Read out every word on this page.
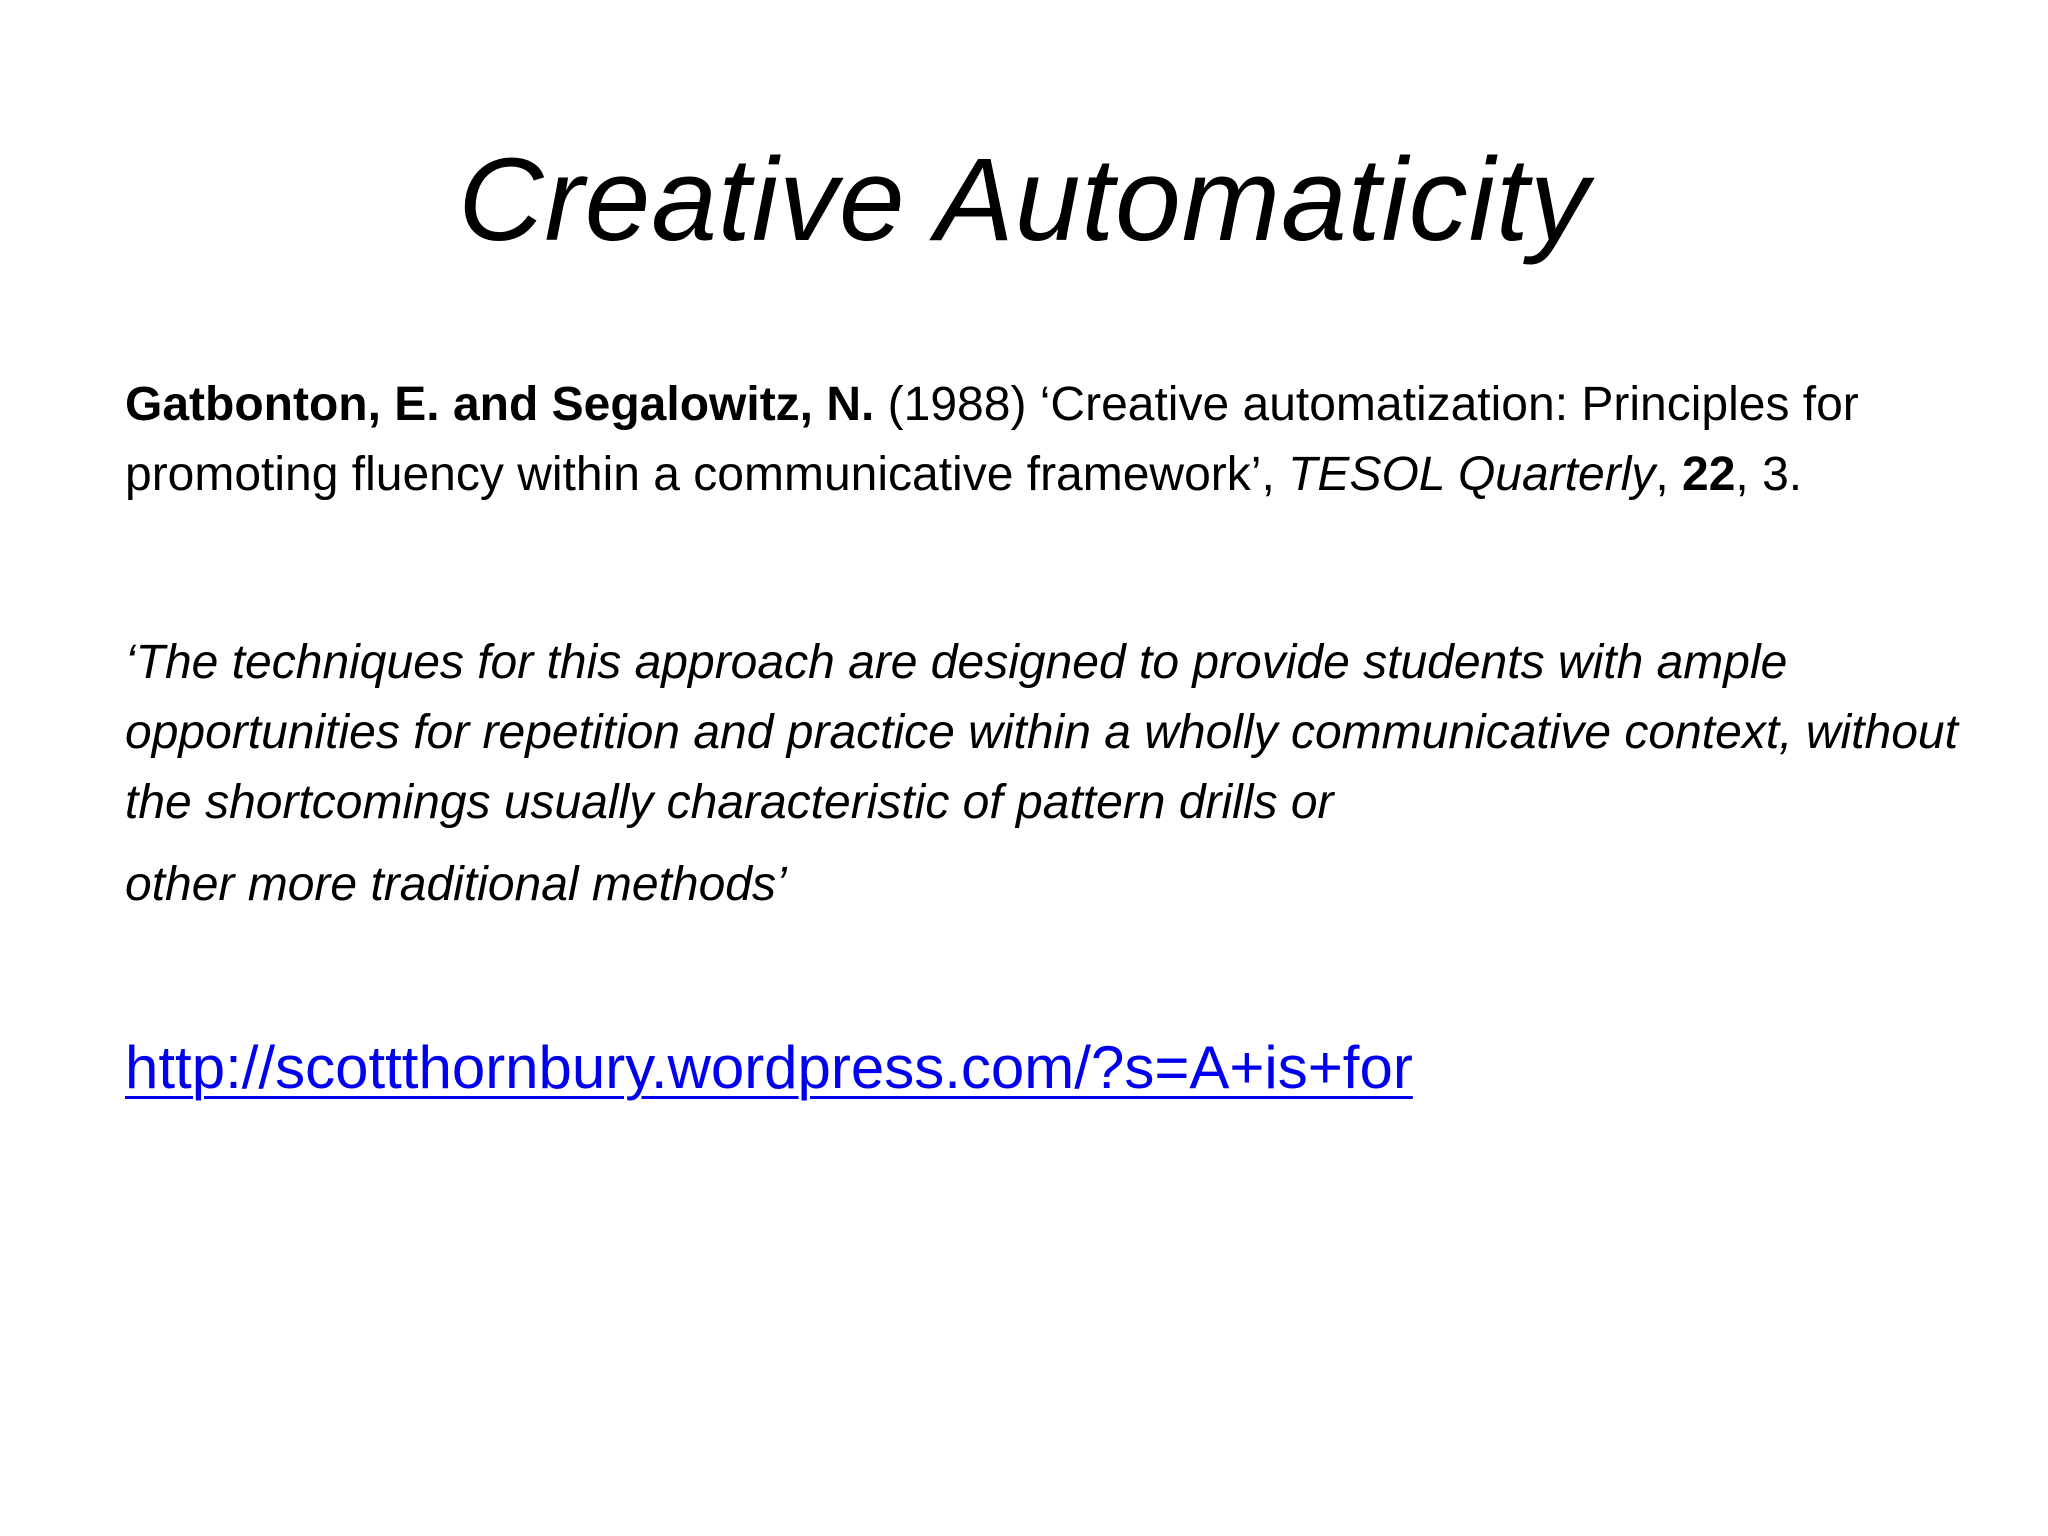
Creative Automaticity

Gatbonton, E. and Segalowitz, N. (1988) ‘Creative automatization: Principles for promoting fluency within a communicative framework’, TESOL Quarterly, 22, 3.

‘The techniques for this approach are designed to provide students with ample opportunities for repetition and practice within a wholly communicative context, without the shortcomings usually characteristic of pattern drills or
other more traditional methods’

http://scottthornbury.wordpress.com/?s=A+is+for
